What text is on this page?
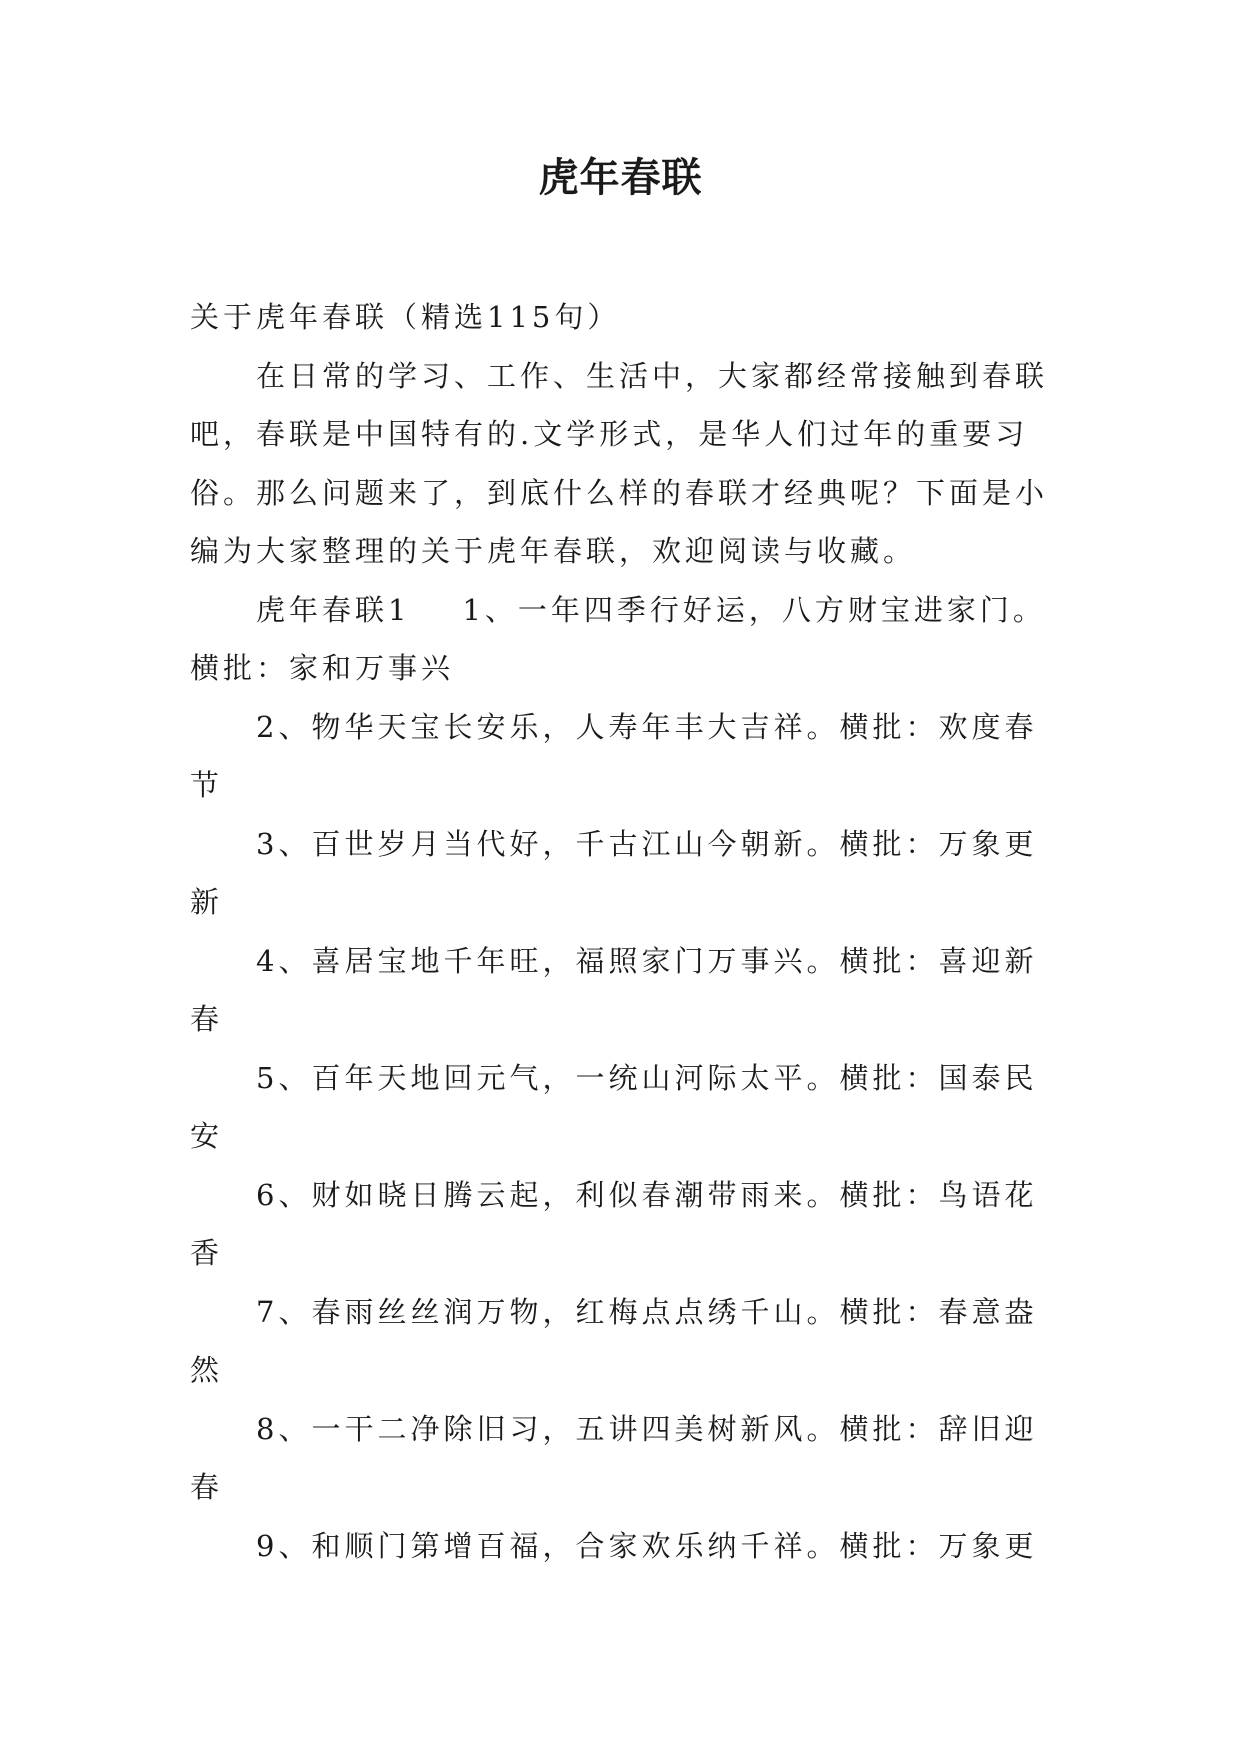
虎年春联

关于虎年春联（精选115句）

在日常的学习、工作、生活中，大家都经常接触到春联吧，春联是中国特有的.文学形式，是华人们过年的重要习俗。那么问题来了，到底什么样的春联才经典呢？下面是小编为大家整理的关于虎年春联，欢迎阅读与收藏。

虎年春联1 1、一年四季行好运，八方财宝进家门。横批：家和万事兴

2、物华天宝长安乐，人寿年丰大吉祥。横批：欢度春节

3、百世岁月当代好，千古江山今朝新。横批：万象更新

4、喜居宝地千年旺，福照家门万事兴。横批：喜迎新春

5、百年天地回元气，一统山河际太平。横批：国泰民安

6、财如晓日腾云起，利似春潮带雨来。横批：鸟语花香

7、春雨丝丝润万物，红梅点点绣千山。横批：春意盎然

8、一干二净除旧习，五讲四美树新风。横批：辞旧迎春

9、和顺门第增百福，合家欢乐纳千祥。横批：万象更
